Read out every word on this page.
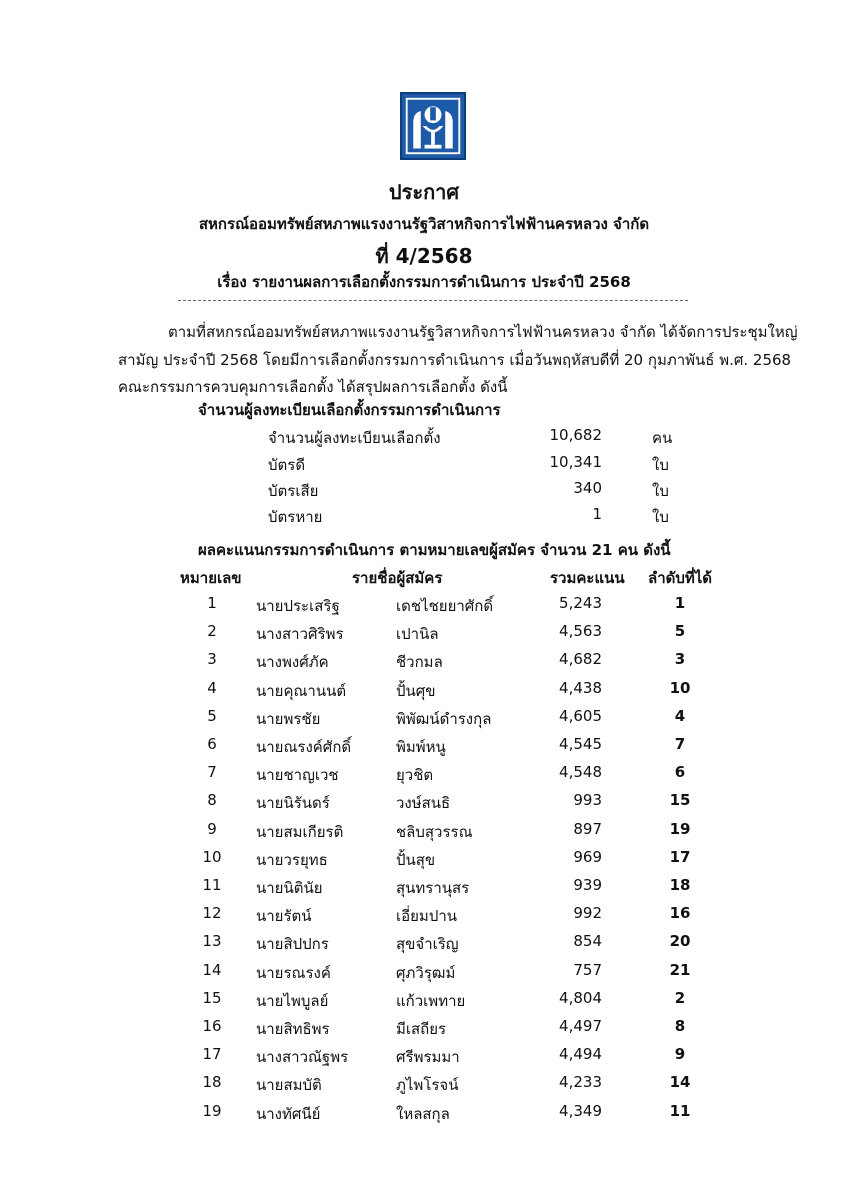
ประกาศ
สหกรณ์ออมทรัพย์สหภาพแรงงานรัฐวิสาหกิจการไฟฟ้านครหลวง จำกัด
ที่ 4/2568
เรื่อง รายงานผลการเลือกตั้งกรรมการดำเนินการ ประจำปี 2568
ตามที่สหกรณ์ออมทรัพย์สหภาพแรงงานรัฐวิสาหกิจการไฟฟ้านครหลวง จำกัด ได้จัดการประชุมใหญ่
สามัญ ประจำปี 2568 โดยมีการเลือกตั้งกรรมการดำเนินการ เมื่อวันพฤหัสบดีที่ 20 กุมภาพันธ์ พ.ศ. 2568
คณะกรรมการควบคุมการเลือกตั้ง ได้สรุปผลการเลือกตั้ง ดังนี้
จำนวนผู้ลงทะเบียนเลือกตั้งกรรมการดำเนินการ
จำนวนผู้ลงทะเบียนเลือกตั้ง	10,682	คน
บัตรดี	10,341	ใบ
บัตรเสีย	340	ใบ
บัตรหาย	1	ใบ
ผลคะแนนกรรมการดำเนินการ ตามหมายเลขผู้สมัคร จำนวน 21 คน ดังนี้
หมายเลข	รายชื่อผู้สมัคร	รวมคะแนน ลำดับที่ได้
1	นายประเสริฐ	เดชไชยยาศักดิ์	5,243	1
2	นางสาวศิริพร	เปานิล	4,563	5
3	นางพงศ์ภัค	ชีวกมล	4,682	3
4	นายคุณานนต์	ปั้นศุข	4,438	10
5	นายพรชัย	พิพัฒน์ดำรงกุล	4,605	4
6	นายณรงค์ศักดิ์	พิมพ์หนู	4,545	7
7	นายชาญเวช	ยุวชิต	4,548	6
8	นายนิรันดร์	วงษ์สนธิ	993	15
9	นายสมเกียรติ	ชลิบสุวรรณ	897	19
10	นายวรยุทธ	ปั้นสุข	969	17
11	นายนิตินัย	สุนทรานุสร	939	18
12	นายรัตน์	เอี่ยมปาน	992	16
13	นายสิปปกร	สุขจำเริญ	854	20
14	นายรณรงค์	ศุภวิรุฒม์	757	21
15	นายไพบูลย์	แก้วเพทาย	4,804	2
16	นายสิทธิพร	มีเสถียร	4,497	8
17	นางสาวณัฐพร	ศรีพรมมา	4,494	9
18	นายสมบัติ	ภูไพโรจน์	4,233	14
19	นางทัศนีย์	ใหลสกุล	4,349	11
